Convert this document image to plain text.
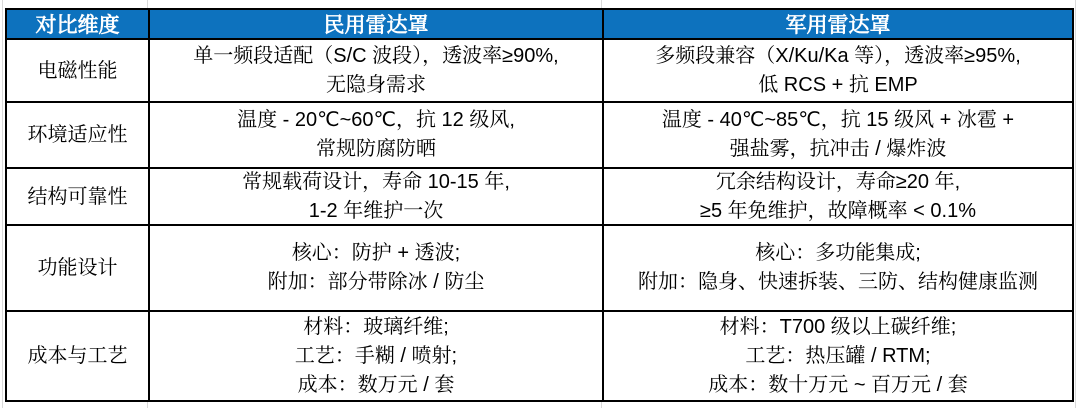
对比维度	民用雷达罩	军用雷达罩
电磁性能
单一频段适配（S/C 波段），透波率≥90%,
无隐身需求
多频段兼容（X/Ku/Ka 等），透波率≥95%,
低 RCS + 抗 EMP
环境适应性
温度 - 20℃~60℃，抗 12 级风,
常规防腐防晒
温度 - 40℃~85℃，抗 15 级风 + 冰雹 +
强盐雾，抗冲击 / 爆炸波
结构可靠性
常规载荷设计，寿命 10-15 年,
1-2 年维护一次
冗余结构设计，寿命≥20 年,
≥5 年免维护，故障概率 < 0.1%
功能设计
核心：防护 + 透波;
附加：部分带除冰 / 防尘
核心：多功能集成;
附加：隐身、快速拆装、三防、结构健康监测
成本与工艺
材料：玻璃纤维;
工艺：手糊 / 喷射;
成本：数万元 / 套
材料：T700 级以上碳纤维;
工艺：热压罐 / RTM;
成本：数十万元 ~ 百万元 / 套
